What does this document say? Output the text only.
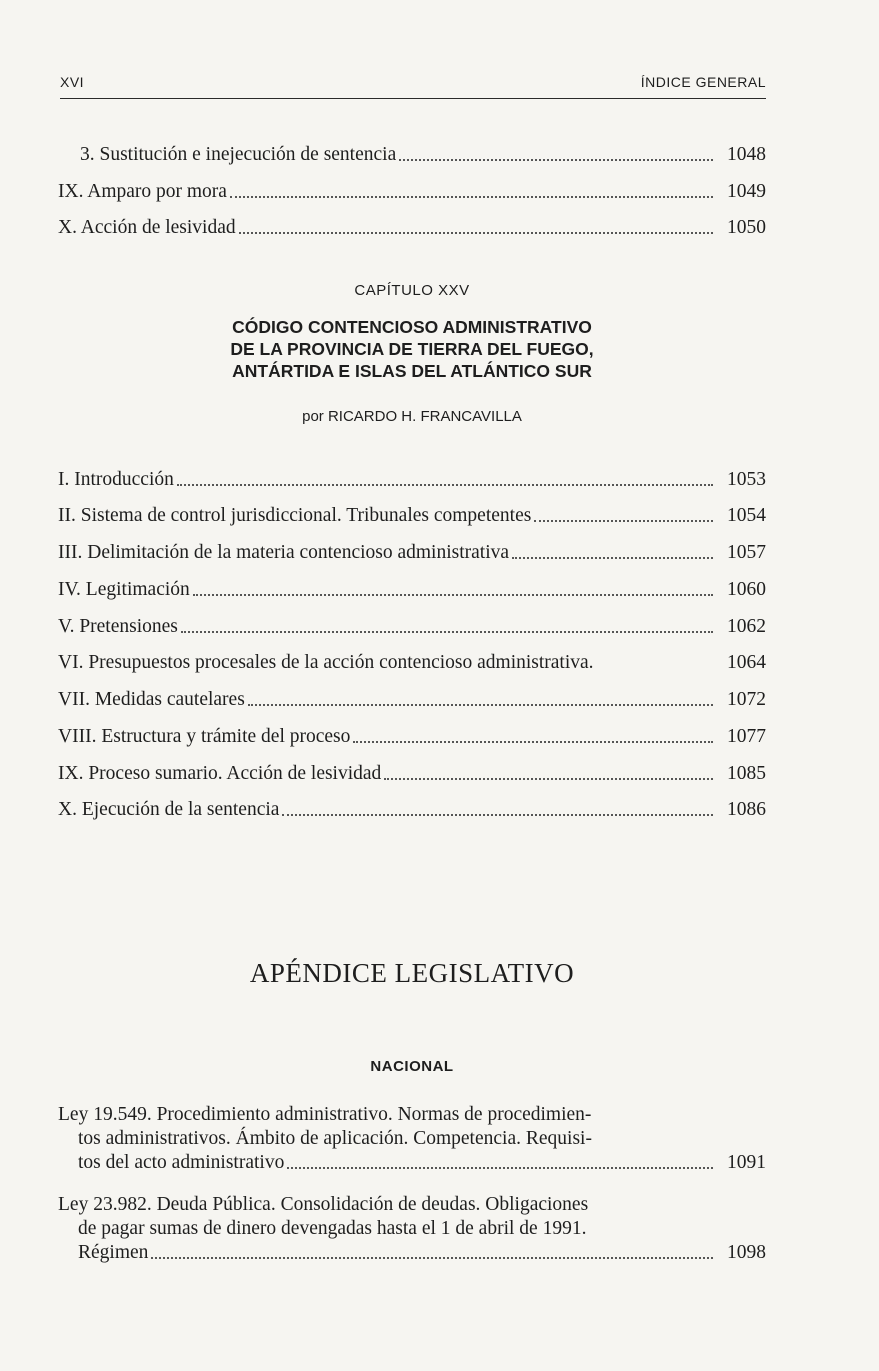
XVI	ÍNDICE GENERAL
3. Sustitución e inejecución de sentencia	1048
IX. Amparo por mora	1049
X. Acción de lesividad	1050
CAPÍTULO XXV
CÓDIGO CONTENCIOSO ADMINISTRATIVO
DE LA PROVINCIA DE TIERRA DEL FUEGO,
ANTÁRTIDA E ISLAS DEL ATLÁNTICO SUR
por RICARDO H. FRANCAVILLA
I. Introducción	1053
II. Sistema de control jurisdiccional. Tribunales competentes	1054
III. Delimitación de la materia contencioso administrativa	1057
IV. Legitimación	1060
V. Pretensiones	1062
VI. Presupuestos procesales de la acción contencioso administrativa.	1064
VII. Medidas cautelares	1072
VIII. Estructura y trámite del proceso	1077
IX. Proceso sumario. Acción de lesividad	1085
X. Ejecución de la sentencia	1086
APÉNDICE LEGISLATIVO
NACIONAL
Ley 19.549. Procedimiento administrativo. Normas de procedimien-
tos administrativos. Ámbito de aplicación. Competencia. Requisi-
tos del acto administrativo	1091
Ley 23.982. Deuda Pública. Consolidación de deudas. Obligaciones
de pagar sumas de dinero devengadas hasta el 1 de abril de 1991.
Régimen	1098
